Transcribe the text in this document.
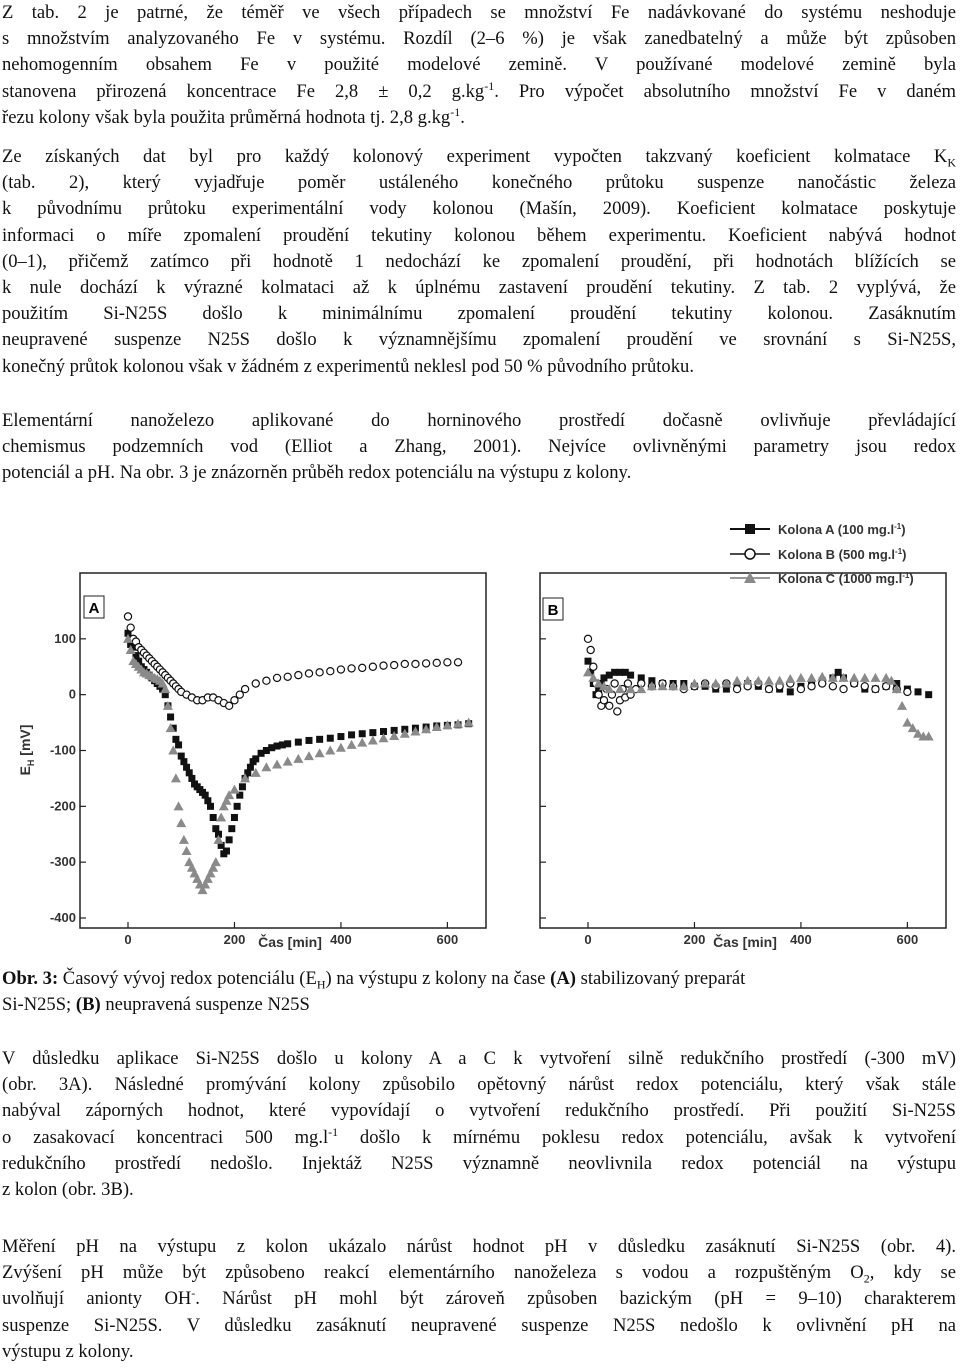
Z tab. 2 je patrné, že téměř ve všech případech se množství Fe nadávkované do systému neshoduje
s množstvím analyzovaného Fe v systému. Rozdíl (2–6 %) je však zanedbatelný a může být způsoben
nehomogenním obsahem Fe v použité modelové zemině. V používané modelové zemině byla
stanovena přirozená koncentrace Fe 2,8 ± 0,2 $g.kg^{-1}$. Pro výpočet absolutního množství Fe v daném
řezu kolony však byla použita průměrná hodnota tj. 2,8 $g.kg^{-1}$.
Ze získaných dat byl pro každý kolonový experiment vypočten takzvaný koeficient kolmatace $K_K$
(tab. 2), který vyjadřuje poměr ustáleného konečného průtoku suspenze nanočástic železa
k původnímu průtoku experimentální vody kolonou (Mašín, 2009). Koeficient kolmatace poskytuje
informaci o míře zpomalení proudění tekutiny kolonou během experimentu. Koeficient nabývá hodnot
(0–1), přičemž zatímco při hodnotě 1 nedochází ke zpomalení proudění, při hodnotách blížících se
k nule dochází k výrazné kolmataci až k úplnému zastavení proudění tekutiny. Z tab. 2 vyplývá, že
použitím Si-N25S došlo k minimálnímu zpomalení proudění tekutiny kolonou. Zasáknutím
neupravené suspenze N25S došlo k významnějšímu zpomalení proudění ve srovnání s Si-N25S,
konečný průtok kolonou však v žádném z experimentů neklesl pod 50 % původního průtoku.
Elementární nanoželezo aplikované do horninového prostředí dočasně ovlivňuje převládající
chemismus podzemních vod (Elliot a Zhang, 2001). Nejvíce ovlivněnými parametry jsou redox
potenciál a pH. Na obr. 3 je znázorněn průběh redox potenciálu na výstupu z kolony.
0	200	400	600
100
0
-100
-200
-300
-400
0	200	400	600
A	B
Čas [min]	Čas [min]
$E_H$ [mV]
Kolona A (100 $mg.l^{-1}$)
Kolona B (500 $mg.l^{-1}$)
Kolona C (1000 $mg.l^{-1}$)
Obr. 3: Časový vývoj redox potenciálu $(E_H)$ na výstupu z kolony na čase (A) stabilizovaný preparát
Si-N25S; (B) neupravená suspenze N25S
V důsledku aplikace Si-N25S došlo u kolony A a C k vytvoření silně redukčního prostředí (-300 mV)
(obr. 3A). Následné promývání kolony způsobilo opětovný nárůst redox potenciálu, který však stále
nabýval záporných hodnot, které vypovídají o vytvoření redukčního prostředí. Při použití Si-N25S
o zasakovací koncentraci 500 $mg.l^{-1}$ došlo k mírnému poklesu redox potenciálu, avšak k vytvoření
redukčního prostředí nedošlo. Injektáž N25S významně neovlivnila redox potenciál na výstupu
z kolon (obr. 3B).
Měření pH na výstupu z kolon ukázalo nárůst hodnot pH v důsledku zasáknutí Si-N25S (obr. 4).
Zvýšení pH může být způsobeno reakcí elementárního nanoželeza s vodou a rozpuštěným $O_2$, kdy se
uvolňují anionty OH-. Nárůst pH mohl být zároveň způsoben bazickým (pH = 9–10) charakterem
suspenze Si-N25S. V důsledku zasáknutí neupravené suspenze N25S nedošlo k ovlivnění pH na
výstupu z kolony.
